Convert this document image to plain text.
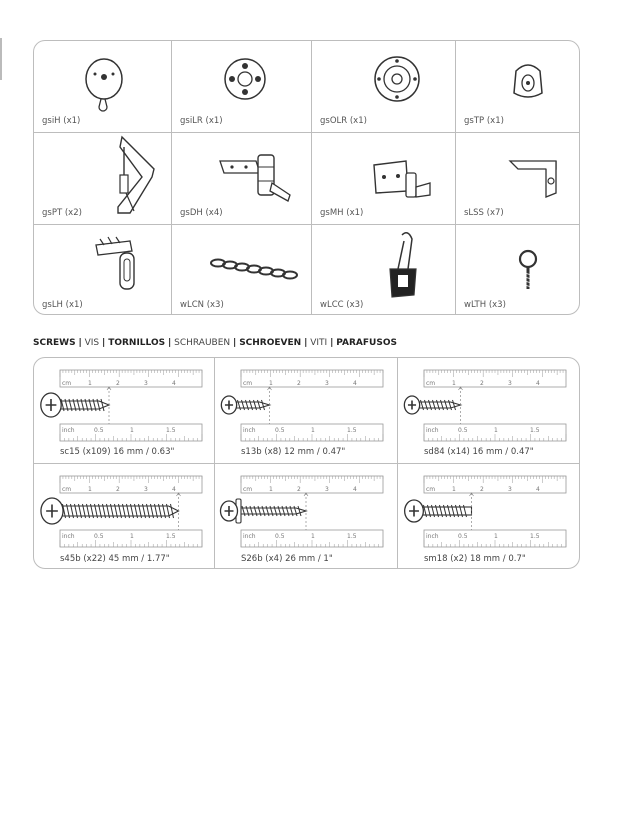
gsiH (x1)	gsiLR (x1)	gsOLR (x1)	gsTP (x1)
gsPT (x2)	gsDH (x4)	gsMH (x1)	sLSS (x7)
gsLH (x1)	wLCN (x3)	wLCC (x3)	wLTH (x3)
SCREWS | VIS | TORNILLOS | SCHRAUBEN | SCHROEVEN | VITI | PARAFUSOS
cm	1	2	3	4
inch	0.5	1	1.5
sc15 (x109) 16 mm / 0.63"
cm	1	2	3	4
inch	0.5	1	1.5
s13b (x8) 12 mm / 0.47"
cm	1	2	3	4
inch	0.5	1	1.5
sd84 (x14) 16 mm / 0.47"
cm	1	2	3	4
inch	0.5	1	1.5
s45b (x22) 45 mm / 1.77"
cm	1	2	3	4
inch	0.5	1	1.5
S26b (x4) 26 mm / 1"
cm	1	2	3	4
inch	0.5	1	1.5
sm18 (x2) 18 mm / 0.7"
